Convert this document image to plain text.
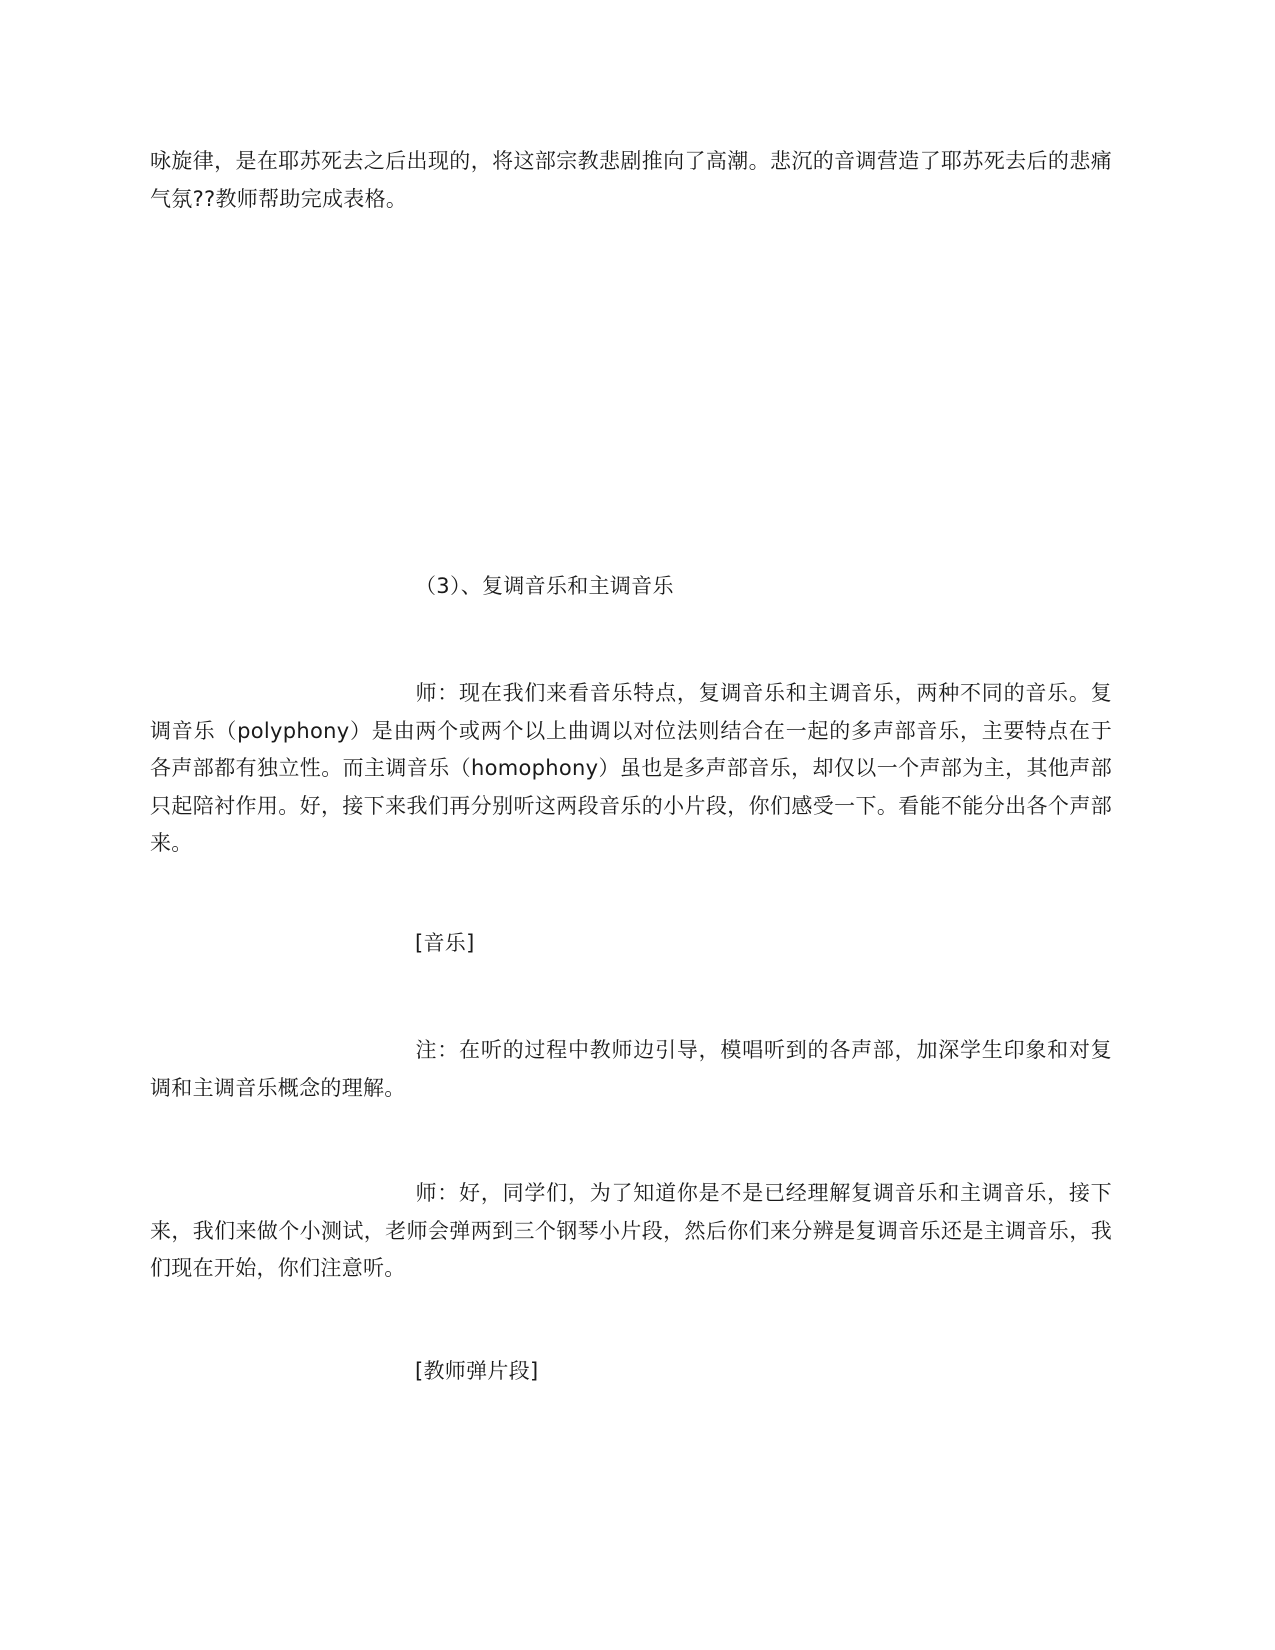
咏旋律，是在耶苏死去之后出现的，将这部宗教悲剧推向了高潮。悲沉的音调营造了耶苏死去后的悲痛气氛??教师帮助完成表格。

（3）、复调音乐和主调音乐

师：现在我们来看音乐特点，复调音乐和主调音乐，两种不同的音乐。复调音乐（polyphony）是由两个或两个以上曲调以对位法则结合在一起的多声部音乐，主要特点在于各声部都有独立性。而主调音乐（homophony）虽也是多声部音乐，却仅以一个声部为主，其他声部只起陪衬作用。好，接下来我们再分别听这两段音乐的小片段，你们感受一下。看能不能分出各个声部来。

[音乐]

注：在听的过程中教师边引导，模唱听到的各声部，加深学生印象和对复调和主调音乐概念的理解。

师：好，同学们，为了知道你是不是已经理解复调音乐和主调音乐，接下来，我们来做个小测试，老师会弹两到三个钢琴小片段，然后你们来分辨是复调音乐还是主调音乐，我们现在开始，你们注意听。

[教师弹片段]
